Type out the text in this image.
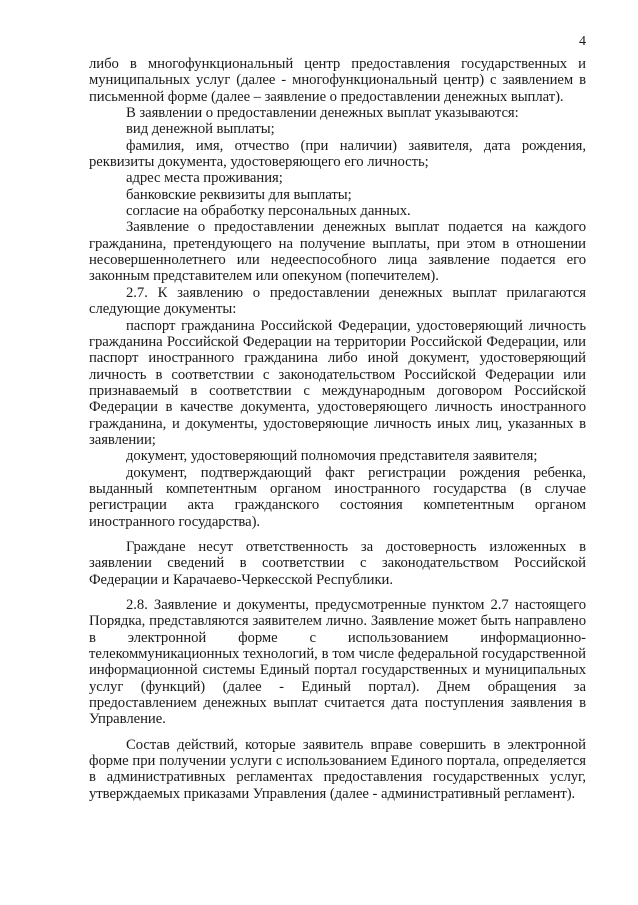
4

либо в многофункциональный центр предоставления государственных и муниципальных услуг (далее - многофункциональный центр) с заявлением в письменной форме (далее – заявление о предоставлении денежных выплат).

В заявлении о предоставлении денежных выплат указываются:

вид денежной выплаты;

фамилия, имя, отчество (при наличии) заявителя, дата рождения, реквизиты документа, удостоверяющего его личность;

адрес места проживания;

банковские реквизиты для выплаты;

согласие на обработку персональных данных.

Заявление о предоставлении денежных выплат подается на каждого гражданина, претендующего на получение выплаты, при этом в отношении несовершеннолетнего или недееспособного лица заявление подается его законным представителем или опекуном (попечителем).

2.7. К заявлению о предоставлении денежных выплат прилагаются следующие документы:

паспорт гражданина Российской Федерации, удостоверяющий личность гражданина Российской Федерации на территории Российской Федерации, или паспорт иностранного гражданина либо иной документ, удостоверяющий личность в соответствии с законодательством Российской Федерации или признаваемый в соответствии с международным договором Российской Федерации в качестве документа, удостоверяющего личность иностранного гражданина, и документы, удостоверяющие личность иных лиц, указанных в заявлении;

документ, удостоверяющий полномочия представителя заявителя;

документ, подтверждающий факт регистрации рождения ребенка, выданный компетентным органом иностранного государства (в случае регистрации акта гражданского состояния компетентным органом иностранного государства).

Граждане несут ответственность за достоверность изложенных в заявлении сведений в соответствии с законодательством Российской Федерации и Карачаево-Черкесской Республики.

2.8. Заявление и документы, предусмотренные пунктом 2.7 настоящего Порядка, представляются заявителем лично. Заявление может быть направлено в электронной форме с использованием информационно-телекоммуникационных технологий, в том числе федеральной государственной информационной системы Единый портал государственных и муниципальных услуг (функций) (далее - Единый портал). Днем обращения за предоставлением денежных выплат считается дата поступления заявления в Управление.

Состав действий, которые заявитель вправе совершить в электронной форме при получении услуги с использованием Единого портала, определяется в административных регламентах предоставления государственных услуг, утверждаемых приказами Управления (далее - административный регламент).
